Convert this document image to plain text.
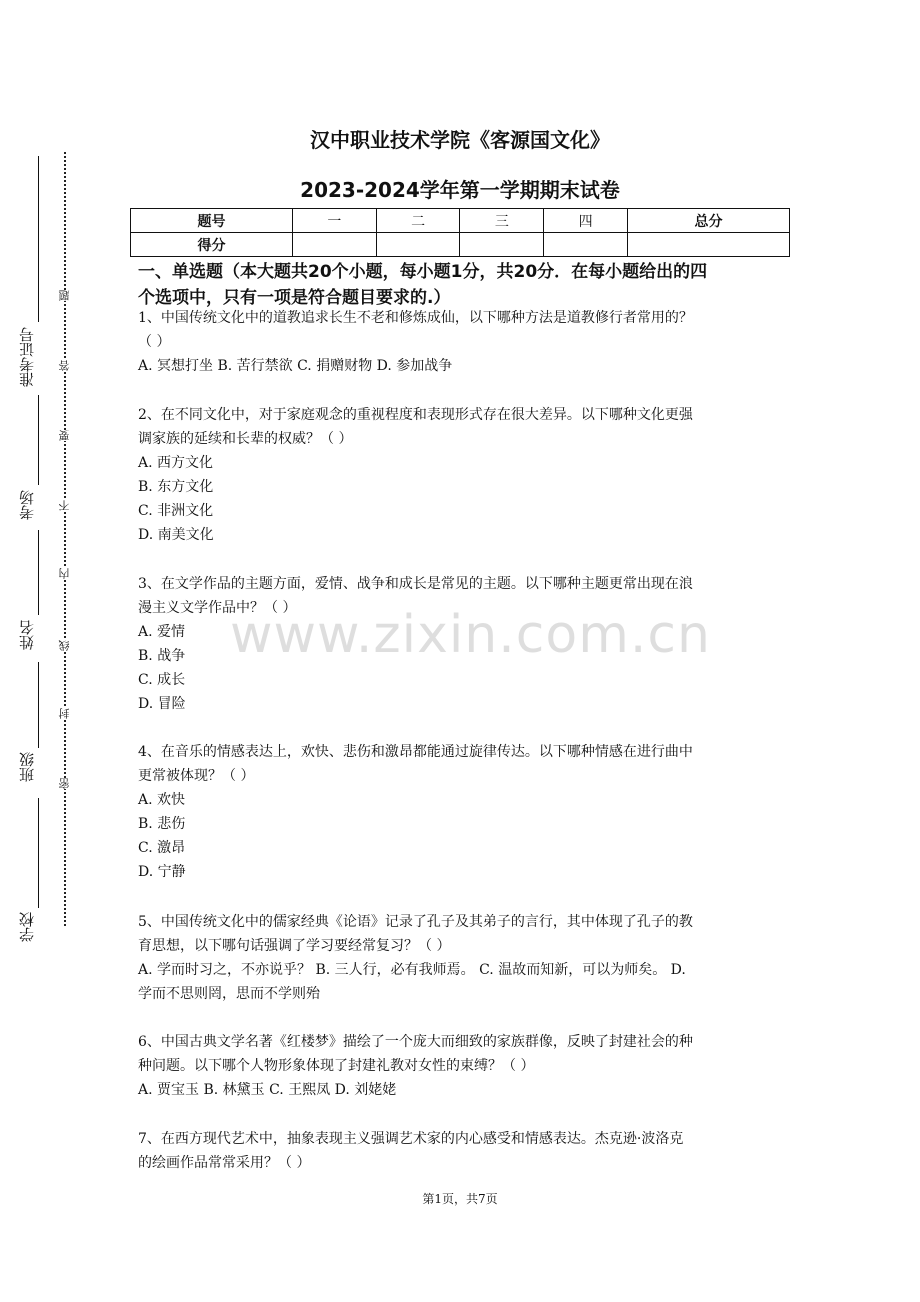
准考证号
考场
姓名
班级
学校
题
答
要
不
内
线
封
密
汉中职业技术学院《客源国文化》
2023-2024学年第一学期期末试卷
题号	一	二	三	四	总分
得分					
一、单选题（本大题共20个小题，每小题1分，共20分．在每小题给出的四
个选项中，只有一项是符合题目要求的.）
1、中国传统文化中的道教追求长生不老和修炼成仙，以下哪种方法是道教修行者常用的？
（ ）
A. 冥想打坐 B. 苦行禁欲 C. 捐赠财物 D. 参加战争
2、在不同文化中，对于家庭观念的重视程度和表现形式存在很大差异。以下哪种文化更强
调家族的延续和长辈的权威？（ ）
A. 西方文化
B. 东方文化
C. 非洲文化
D. 南美文化
3、在文学作品的主题方面，爱情、战争和成长是常见的主题。以下哪种主题更常出现在浪
漫主义文学作品中？（ ）
A. 爱情
B. 战争
C. 成长
D. 冒险
4、在音乐的情感表达上，欢快、悲伤和激昂都能通过旋律传达。以下哪种情感在进行曲中
更常被体现？（ ）
A. 欢快
B. 悲伤
C. 激昂
D. 宁静
5、中国传统文化中的儒家经典《论语》记录了孔子及其弟子的言行，其中体现了孔子的教
育思想，以下哪句话强调了学习要经常复习？（ ）
A. 学而时习之，不亦说乎？ B. 三人行，必有我师焉。 C. 温故而知新，可以为师矣。 D.
学而不思则罔，思而不学则殆
6、中国古典文学名著《红楼梦》描绘了一个庞大而细致的家族群像，反映了封建社会的种
种问题。以下哪个人物形象体现了封建礼教对女性的束缚？（ ）
A. 贾宝玉 B. 林黛玉 C. 王熙凤 D. 刘姥姥
7、在西方现代艺术中，抽象表现主义强调艺术家的内心感受和情感表达。杰克逊·波洛克
的绘画作品常常采用？（ ）
www.zixin.com.cn
第1页，共7页
